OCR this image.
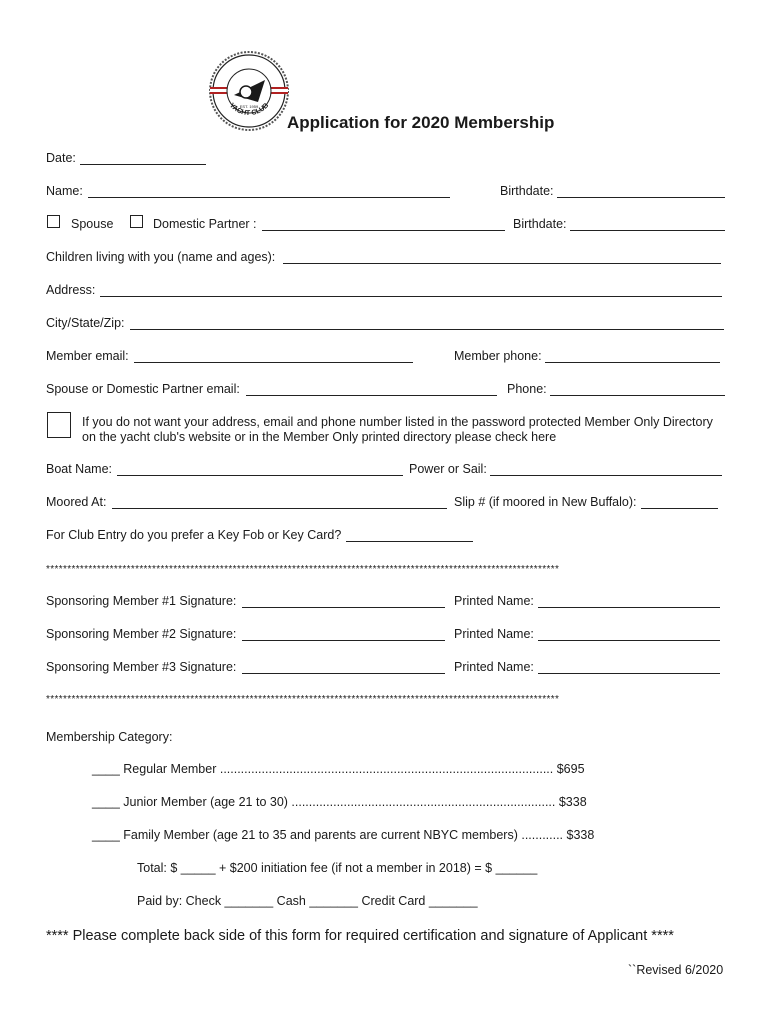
YACHT CLUB
EST. 1959
Application for 2020 Membership
Date:
Name:	Birthdate:
Spouse	Domestic Partner :	Birthdate:
Children living with you (name and ages):
Address:
City/State/Zip:
Member email:	Member phone:
Spouse or Domestic Partner email:	Phone:
If you do not want your address, email and phone number listed in the password protected Member Only Directory
on the yacht club's website or in the Member Only printed directory please check here
Boat Name:	Power or Sail:
Moored At:	Slip # (if moored in New Buffalo):
For Club Entry do you prefer a Key Fob or Key Card?
*************************************************************************************************************************
Sponsoring Member #1 Signature:	Printed Name:
Sponsoring Member #2 Signature:	Printed Name:
Sponsoring Member #3 Signature:	Printed Name:
*************************************************************************************************************************
Membership Category:
____ Regular Member ................................................................................................ $695
____ Junior Member (age 21 to 30) ............................................................................ $338
____ Family Member (age 21 to 35 and parents are current NBYC members) ............ $338
Total: $ _____ + $200 initiation fee (if not a member in 2018) = $ ______
Paid by: Check _______ Cash _______ Credit Card _______
**** Please complete back side of this form for required certification and signature of Applicant ****
``Revised 6/2020
